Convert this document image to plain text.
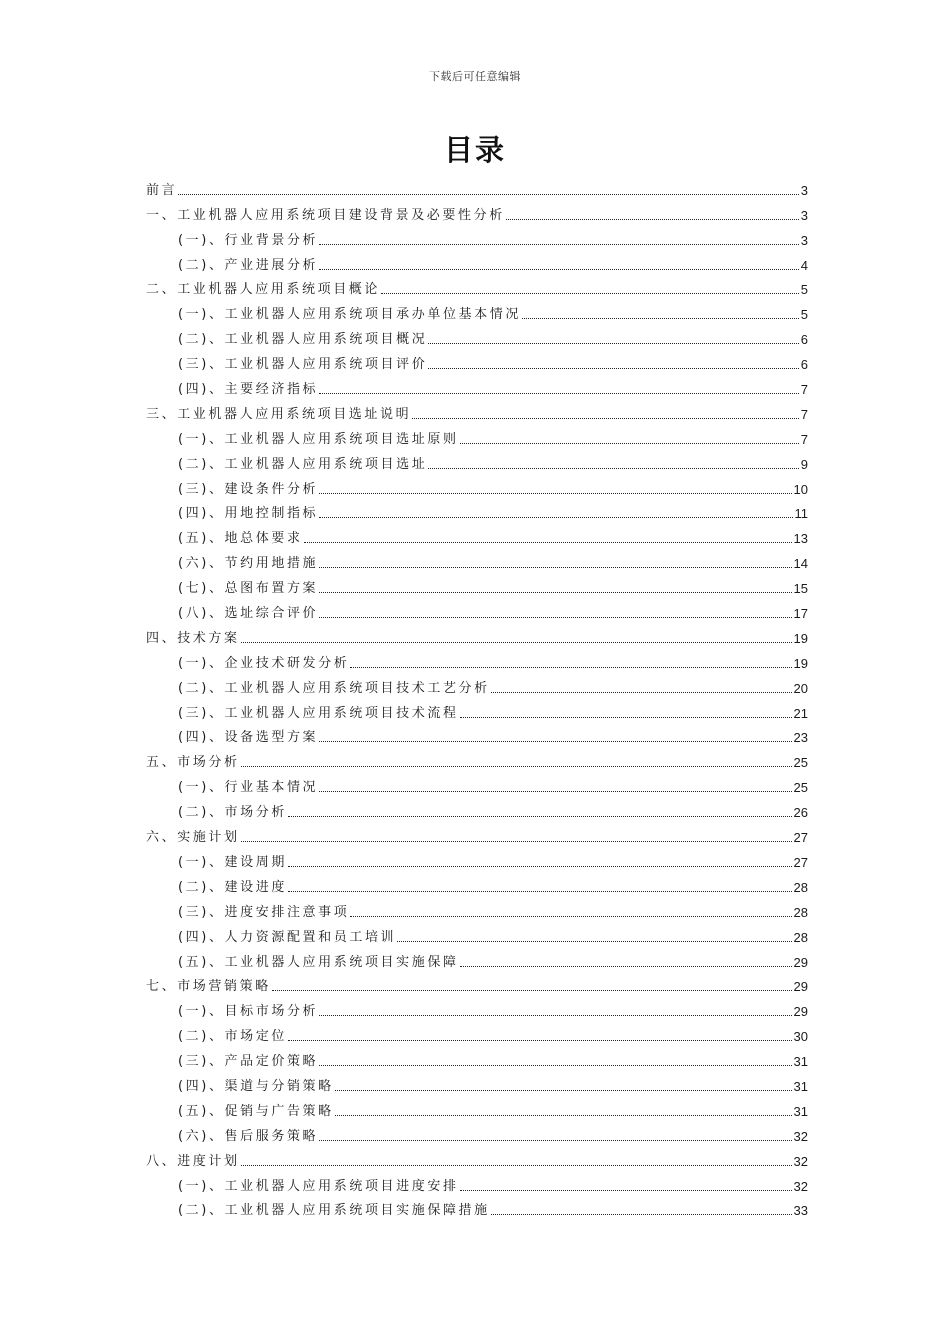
下载后可任意编辑
目录
前言	3
一、工业机器人应用系统项目建设背景及必要性分析	3
(一)、行业背景分析	3
(二)、产业进展分析	4
二、工业机器人应用系统项目概论	5
(一)、工业机器人应用系统项目承办单位基本情况	5
(二)、工业机器人应用系统项目概况	6
(三)、工业机器人应用系统项目评价	6
(四)、主要经济指标	7
三、工业机器人应用系统项目选址说明	7
(一)、工业机器人应用系统项目选址原则	7
(二)、工业机器人应用系统项目选址	9
(三)、建设条件分析	10
(四)、用地控制指标	11
(五)、地总体要求	13
(六)、节约用地措施	14
(七)、总图布置方案	15
(八)、选址综合评价	17
四、技术方案	19
(一)、企业技术研发分析	19
(二)、工业机器人应用系统项目技术工艺分析	20
(三)、工业机器人应用系统项目技术流程	21
(四)、设备选型方案	23
五、市场分析	25
(一)、行业基本情况	25
(二)、市场分析	26
六、实施计划	27
(一)、建设周期	27
(二)、建设进度	28
(三)、进度安排注意事项	28
(四)、人力资源配置和员工培训	28
(五)、工业机器人应用系统项目实施保障	29
七、市场营销策略	29
(一)、目标市场分析	29
(二)、市场定位	30
(三)、产品定价策略	31
(四)、渠道与分销策略	31
(五)、促销与广告策略	31
(六)、售后服务策略	32
八、进度计划	32
(一)、工业机器人应用系统项目进度安排	32
(二)、工业机器人应用系统项目实施保障措施	33
